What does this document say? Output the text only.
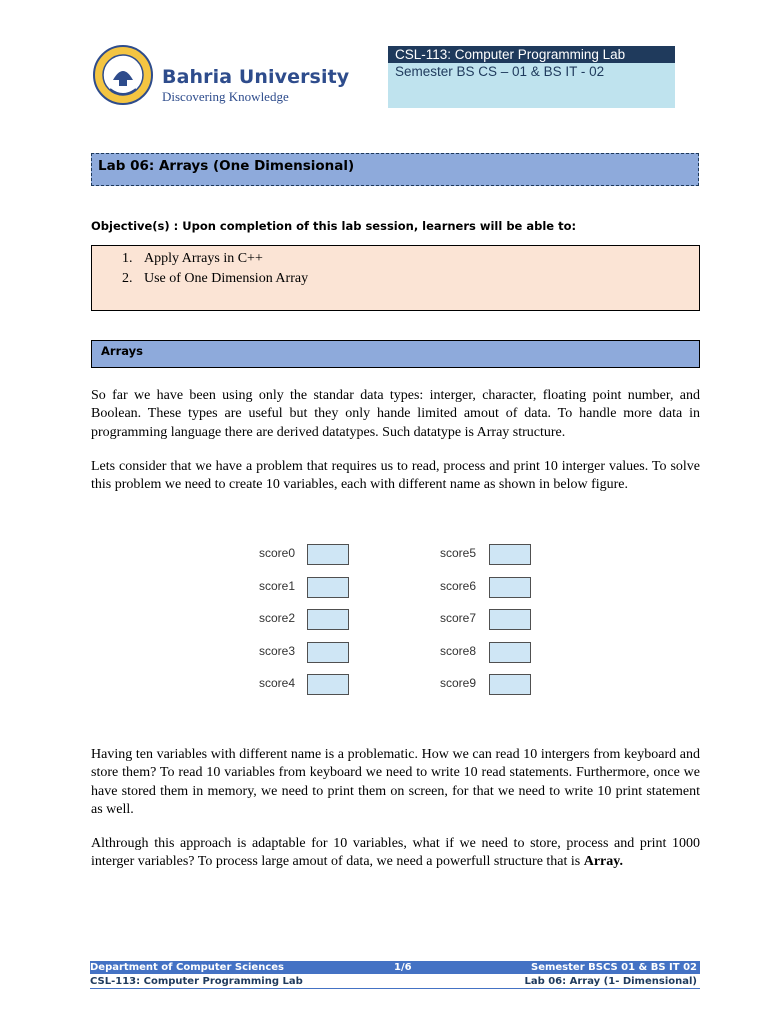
Bahria University
Discovering Knowledge
CSL-113: Computer Programming Lab
Semester BS CS – 01 & BS IT - 02
Lab 06: Arrays (One Dimensional)
Objective(s) : Upon completion of this lab session, learners will be able to:
1. Apply Arrays in C++
2. Use of One Dimension Array
Arrays
So far we have been using only the standar data types: interger, character, floating point number, and Boolean. These types are useful but they only hande limited amout of data. To handle more data in programming language there are derived datatypes. Such datatype is Array structure.
Lets consider that we have a problem that requires us to read, process and print 10 interger values. To solve this problem we need to create 10 variables, each with different name as shown in below figure.
score0
score1
score2
score3
score4
score5
score6
score7
score8
score9
Having ten variables with different name is a problematic. How we can read 10 intergers from keyboard and store them? To read 10 variables from keyboard we need to write 10 read statements. Furthermore, once we have stored them in memory, we need to print them on screen, for that we need to write 10 print statement as well.
Althrough this approach is adaptable for 10 variables, what if we need to store, process and print 1000 interger variables? To process large amout of data, we need a powerfull structure that is Array.
Department of Computer Sciences	1/6	Semester BSCS 01 & BS IT 02
CSL-113: Computer Programming Lab	Lab 06: Array (1- Dimensional)
